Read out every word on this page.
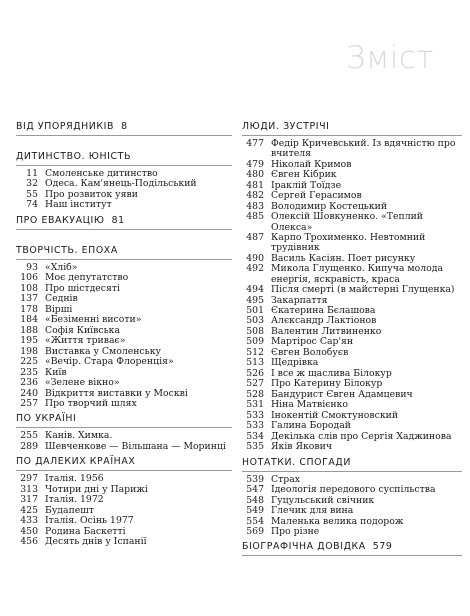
Зміст
ВІД УПОРЯДНИКІВ 8
ДИТИНСТВО. ЮНІСТЬ
11 Смоленське дитинство
32 Одеса. Кам'янець-Подільський
55 Про розвиток уяви
74 Наш інститут
ПРО ЕВАКУАЦІЮ 81
ТВОРЧІСТЬ. ЕПОХА
93 «Хліб»
106 Моє депутатство
108 Про шістдесяті
137 Седнів
178 Вірші
184 «Безіменні висоти»
188 Софія Київська
195 «Життя триває»
198 Виставка у Смоленську
225 «Вечір. Стара Флоренція»
235 Київ
236 «Зелене вікно»
240 Відкриття виставки у Москві
257 Про творчий шлях
ПО УКРАЇНІ
255 Канів. Химка.
289 Шевченкове — Вільшана — Моринці
ПО ДАЛЕКИХ КРАЇНАХ
297 Італія. 1956
313 Чотири дні у Парижі
317 Італія. 1972
425 Будапешт
433 Італія. Осінь 1977
450 Родина Баскетті
456 Десять днів у Іспанії
ЛЮДИ. ЗУСТРІЧІ
477 Федір Кричевський. Із вдячністю про вчителя
479 Ніколай Кримов
480 Євген Кібрик
481 Іраклій Тоїдзе
482 Сергей Герасимов
483 Володимир Костецький
485 Олексій Шовкуненко. «Теплий Олекса»
487 Карпо Трохименко. Невтомний трудівник
490 Василь Касіян. Поет рисунку
492 Микола Глущенко. Кипуча молода енергія, яскравість, краса
494 Після смерті (в майстерні Глущенка)
495 Закарпаття
501 Єкатерина Бєлашова
503 Алєксандр Лактіонов
508 Валентин Литвиненко
509 Мартірос Сар'ян
512 Євген Волобуєв
513 Щедрівка
526 І все ж щаслива Білокур
527 Про Катерину Білокур
528 Бандурист Євген Адамцевич
531 Ніна Матвієнко
533 Інокентій Смоктуновский
533 Галина Бородай
534 Декілька слів про Сергія Хаджинова
535 Яків Якович
НОТАТКИ. СПОГАДИ
539 Страх
547 Ідеологія передового суспільства
548 Гуцульський свічник
549 Глечик для вина
554 Маленька велика подорож
569 Про різне
БІОГРАФІЧНА ДОВІДКА 579
